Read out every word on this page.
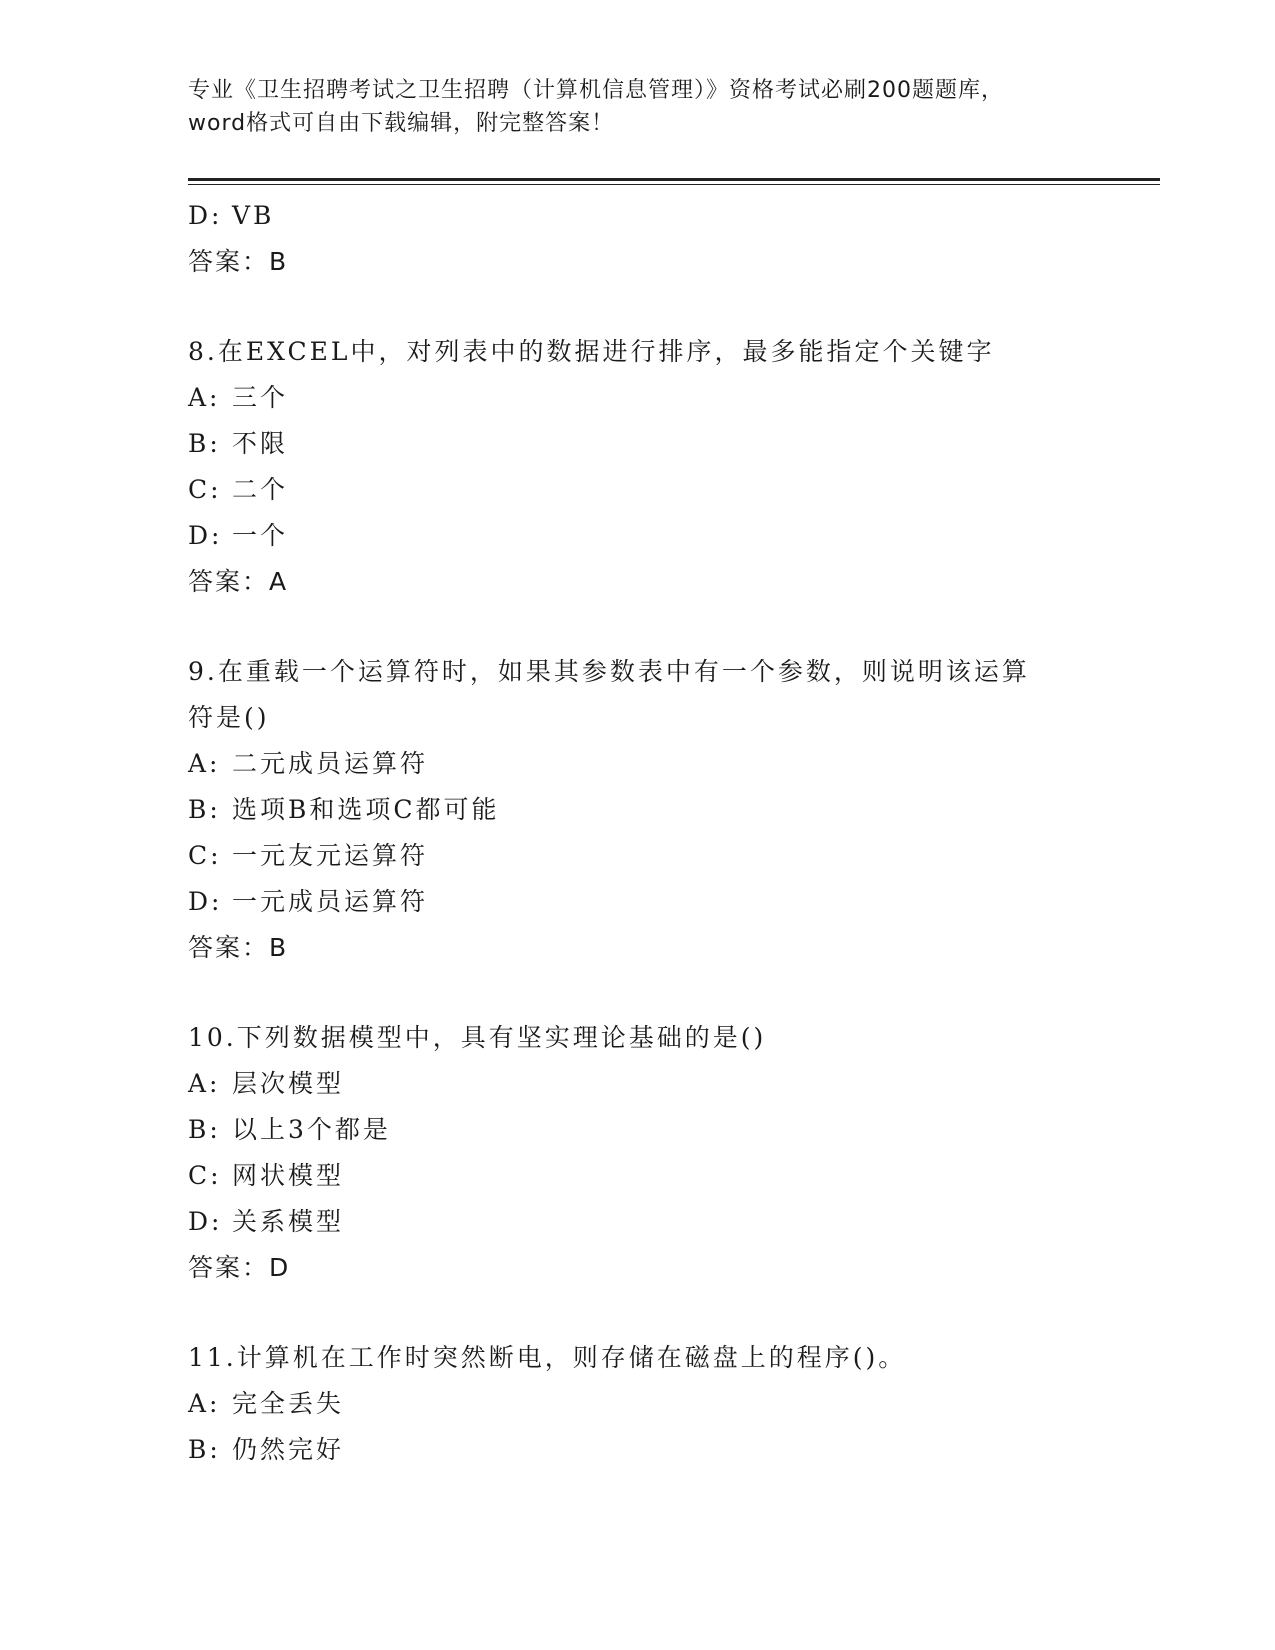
专业《卫生招聘考试之卫生招聘（计算机信息管理）》资格考试必刷200题题库，
word格式可自由下载编辑，附完整答案！
D: VB
答案：B
8.在EXCEL中，对列表中的数据进行排序，最多能指定个关键字
A: 三个
B: 不限
C: 二个
D: 一个
答案：A
9.在重载一个运算符时，如果其参数表中有一个参数，则说明该运算
符是()
A: 二元成员运算符
B: 选项B和选项C都可能
C: 一元友元运算符
D: 一元成员运算符
答案：B
10.下列数据模型中，具有坚实理论基础的是()
A: 层次模型
B: 以上3个都是
C: 网状模型
D: 关系模型
答案：D
11.计算机在工作时突然断电，则存储在磁盘上的程序()。
A: 完全丢失
B: 仍然完好
